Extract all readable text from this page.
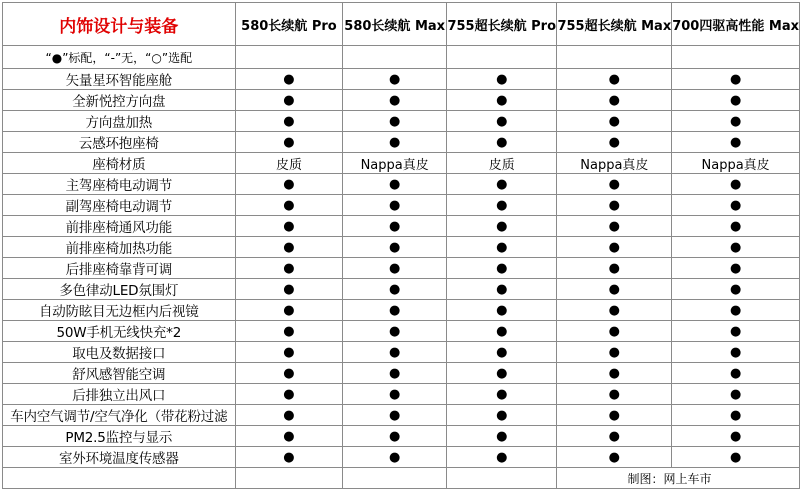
内饰设计与装备	580长续航 Pro	580长续航 Max	755超长续航 Pro	755超长续航 Max	700四驱高性能 Max
“●”标配，“-”无，“○”选配					
矢量星环智能座舱	●	●	●	●	●
全新悦控方向盘	●	●	●	●	●
方向盘加热	●	●	●	●	●
云感环抱座椅	●	●	●	●	●
座椅材质	皮质	Nappa真皮	皮质	Nappa真皮	Nappa真皮
主驾座椅电动调节	●	●	●	●	●
副驾座椅电动调节	●	●	●	●	●
前排座椅通风功能	●	●	●	●	●
前排座椅加热功能	●	●	●	●	●
后排座椅靠背可调	●	●	●	●	●
多色律动LED氛围灯	●	●	●	●	●
自动防眩目无边框内后视镜	●	●	●	●	●
50W手机无线快充*2	●	●	●	●	●
取电及数据接口	●	●	●	●	●
舒风感智能空调	●	●	●	●	●
后排独立出风口	●	●	●	●	●
车内空气调节/空气净化（带花粉过滤	●	●	●	●	●
PM2.5监控与显示	●	●	●	●	●
室外环境温度传感器	●	●	●	●	●
				制图：网上车市	
